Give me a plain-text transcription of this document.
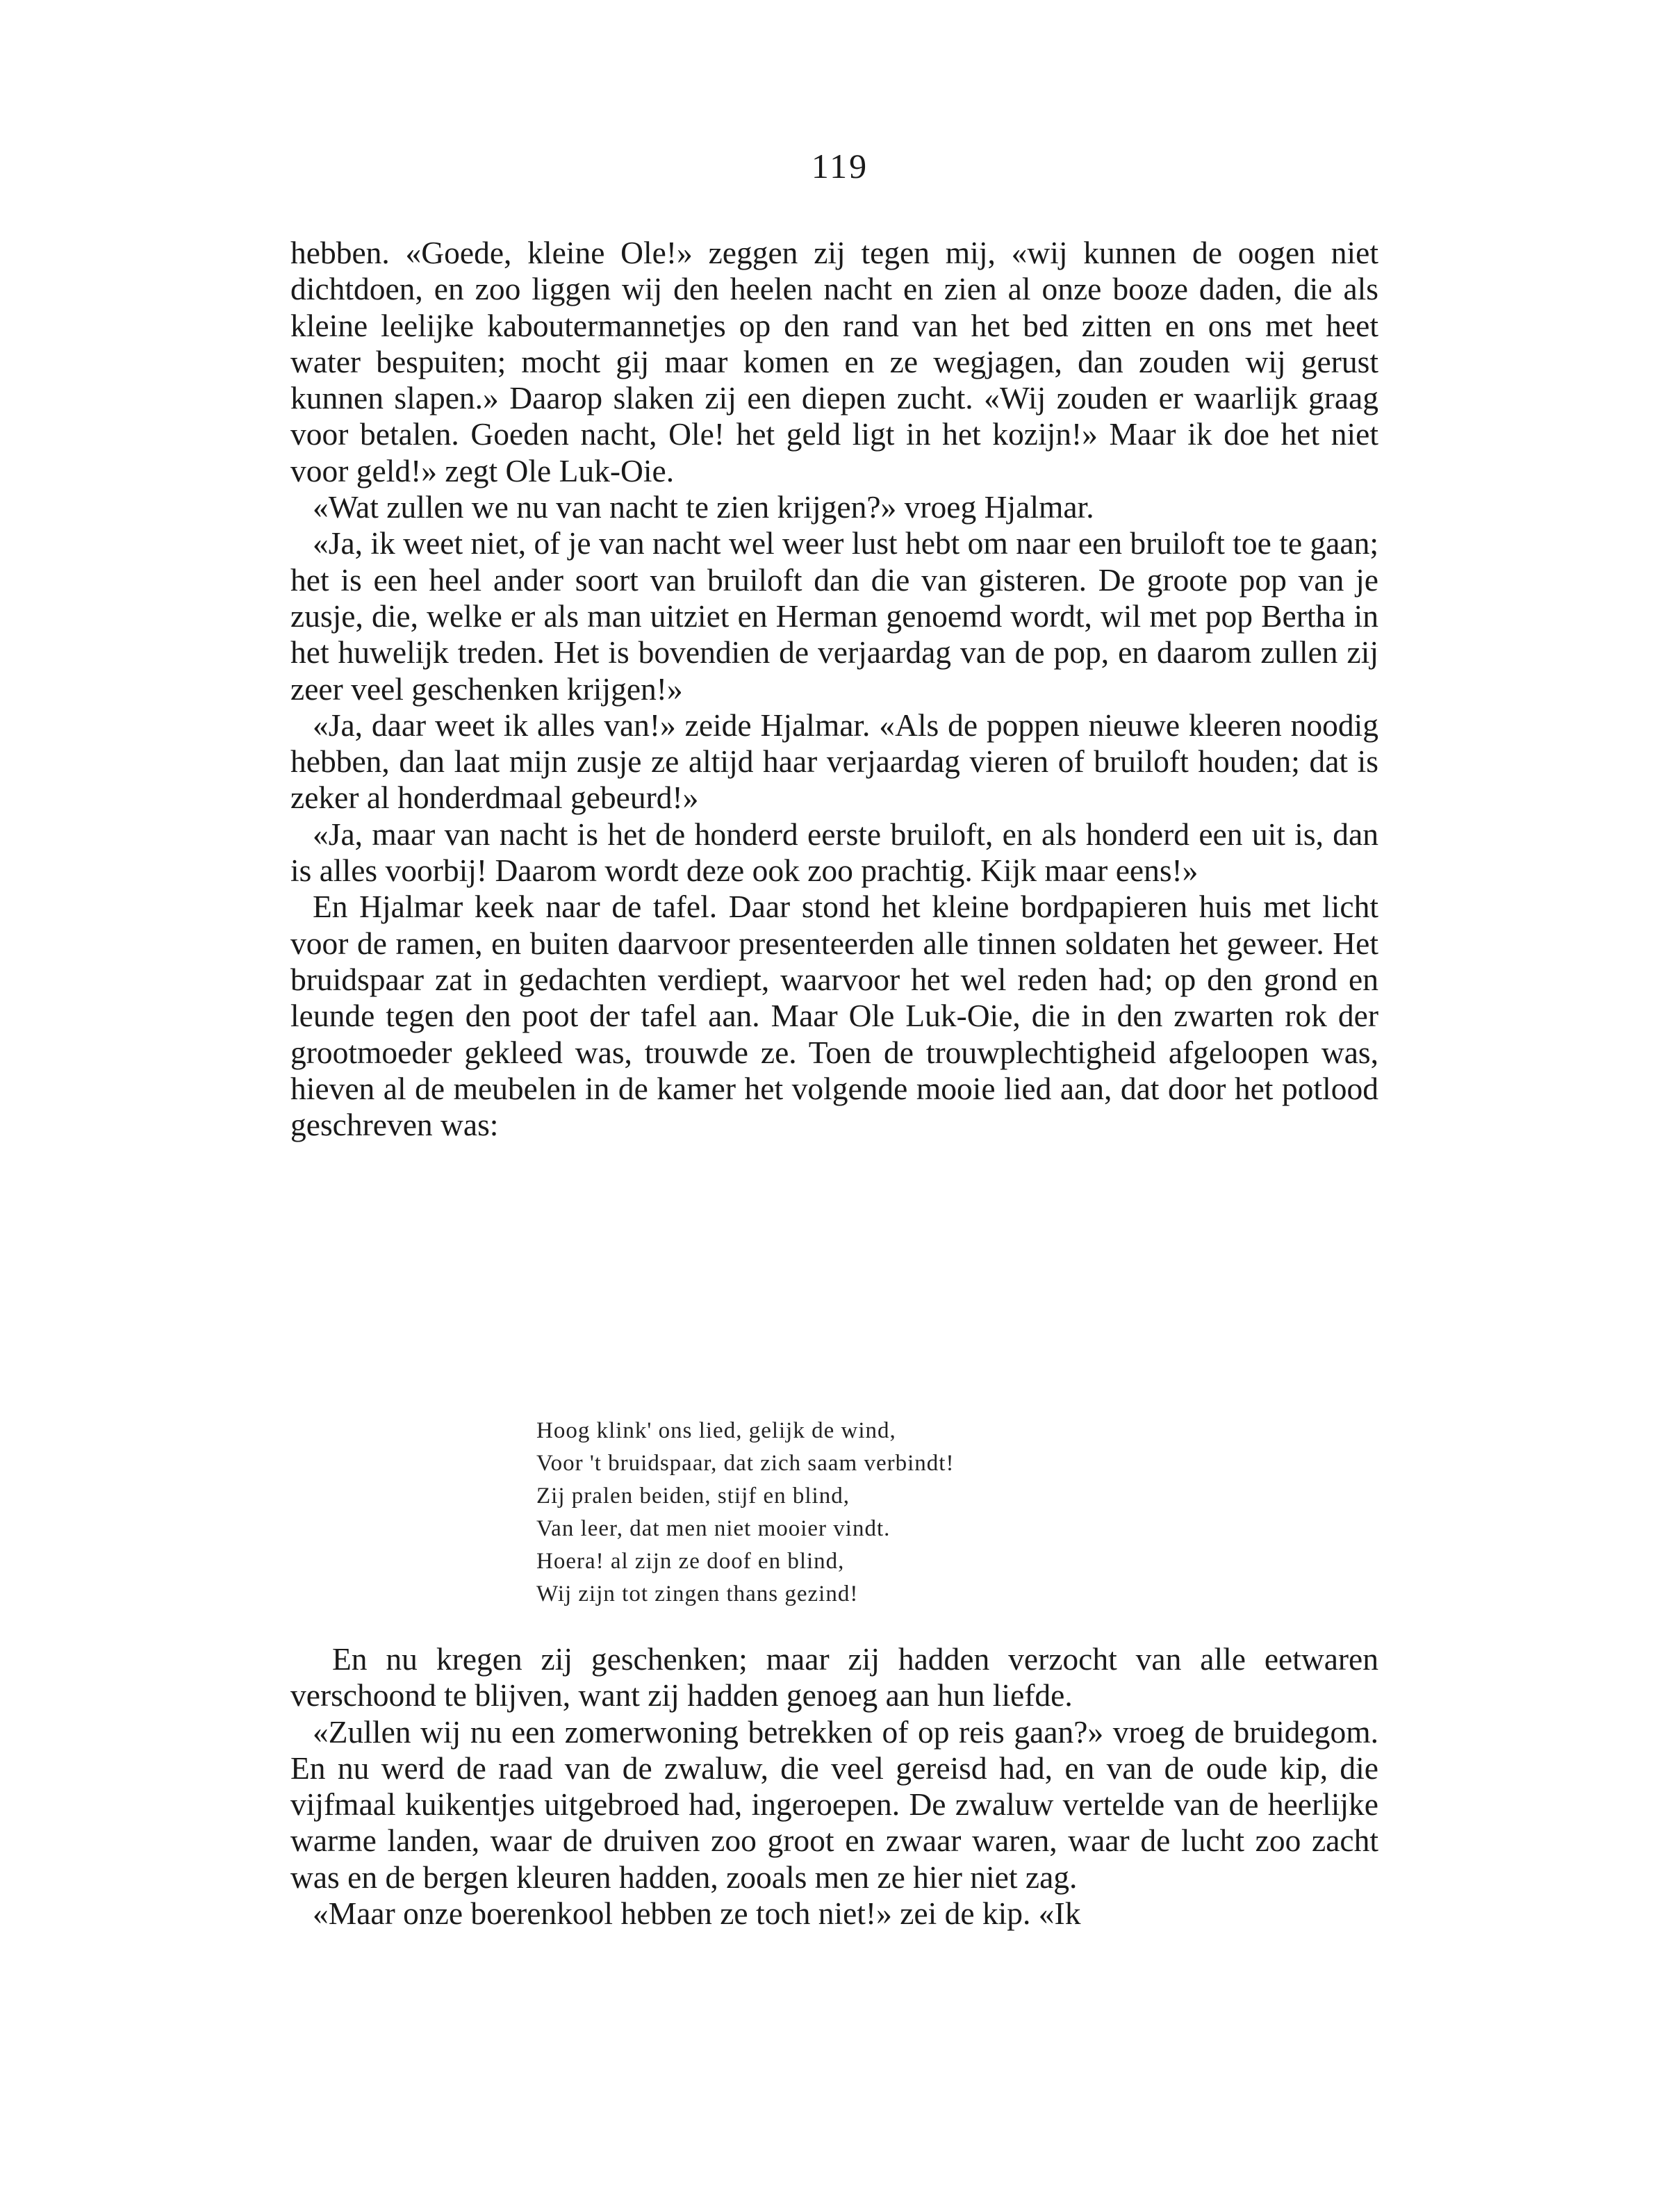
119

hebben. «Goede, kleine Ole!» zeggen zij tegen mij, «wij kunnen de oogen niet dichtdoen, en zoo liggen wij den heelen nacht en zien al onze booze daden, die als kleine leelijke kaboutermannetjes op den rand van het bed zitten en ons met heet water bespuiten; mocht gij maar komen en ze wegjagen, dan zouden wij gerust kunnen slapen.» Daarop slaken zij een diepen zucht. «Wij zouden er waarlijk graag voor betalen. Goeden nacht, Ole! het geld ligt in het kozijn!» Maar ik doe het niet voor geld!» zegt Ole Luk-Oie.

«Wat zullen we nu van nacht te zien krijgen?» vroeg Hjalmar.

«Ja, ik weet niet, of je van nacht wel weer lust hebt om naar een bruiloft toe te gaan; het is een heel ander soort van bruiloft dan die van gisteren. De groote pop van je zusje, die, welke er als man uitziet en Herman genoemd wordt, wil met pop Bertha in het huwelijk treden. Het is bovendien de verjaardag van de pop, en daarom zullen zij zeer veel geschenken krijgen!»

«Ja, daar weet ik alles van!» zeide Hjalmar. «Als de poppen nieuwe kleeren noodig hebben, dan laat mijn zusje ze altijd haar verjaardag vieren of bruiloft houden; dat is zeker al honderdmaal gebeurd!»

«Ja, maar van nacht is het de honderd eerste bruiloft, en als honderd een uit is, dan is alles voorbij! Daarom wordt deze ook zoo prachtig. Kijk maar eens!»

En Hjalmar keek naar de tafel. Daar stond het kleine bordpapieren huis met licht voor de ramen, en buiten daarvoor presenteerden alle tinnen soldaten het geweer. Het bruidspaar zat in gedachten verdiept, waarvoor het wel reden had; op den grond en leunde tegen den poot der tafel aan. Maar Ole Luk-Oie, die in den zwarten rok der grootmoeder gekleed was, trouwde ze. Toen de trouwplechtigheid afgeloopen was, hieven al de meubelen in de kamer het volgende mooie lied aan, dat door het potlood geschreven was:

Hoog klink' ons lied, gelijk de wind,
Voor 't bruidspaar, dat zich saam verbindt!
Zij pralen beiden, stijf en blind,
Van leer, dat men niet mooier vindt.
Hoera! al zijn ze doof en blind,
Wij zijn tot zingen thans gezind!

En nu kregen zij geschenken; maar zij hadden verzocht van alle eetwaren verschoond te blijven, want zij hadden genoeg aan hun liefde.

«Zullen wij nu een zomerwoning betrekken of op reis gaan?» vroeg de bruidegom. En nu werd de raad van de zwaluw, die veel gereisd had, en van de oude kip, die vijfmaal kuikentjes uitgebroed had, ingeroepen. De zwaluw vertelde van de heerlijke warme landen, waar de druiven zoo groot en zwaar waren, waar de lucht zoo zacht was en de bergen kleuren hadden, zooals men ze hier niet zag.

«Maar onze boerenkool hebben ze toch niet!» zei de kip. «Ik
